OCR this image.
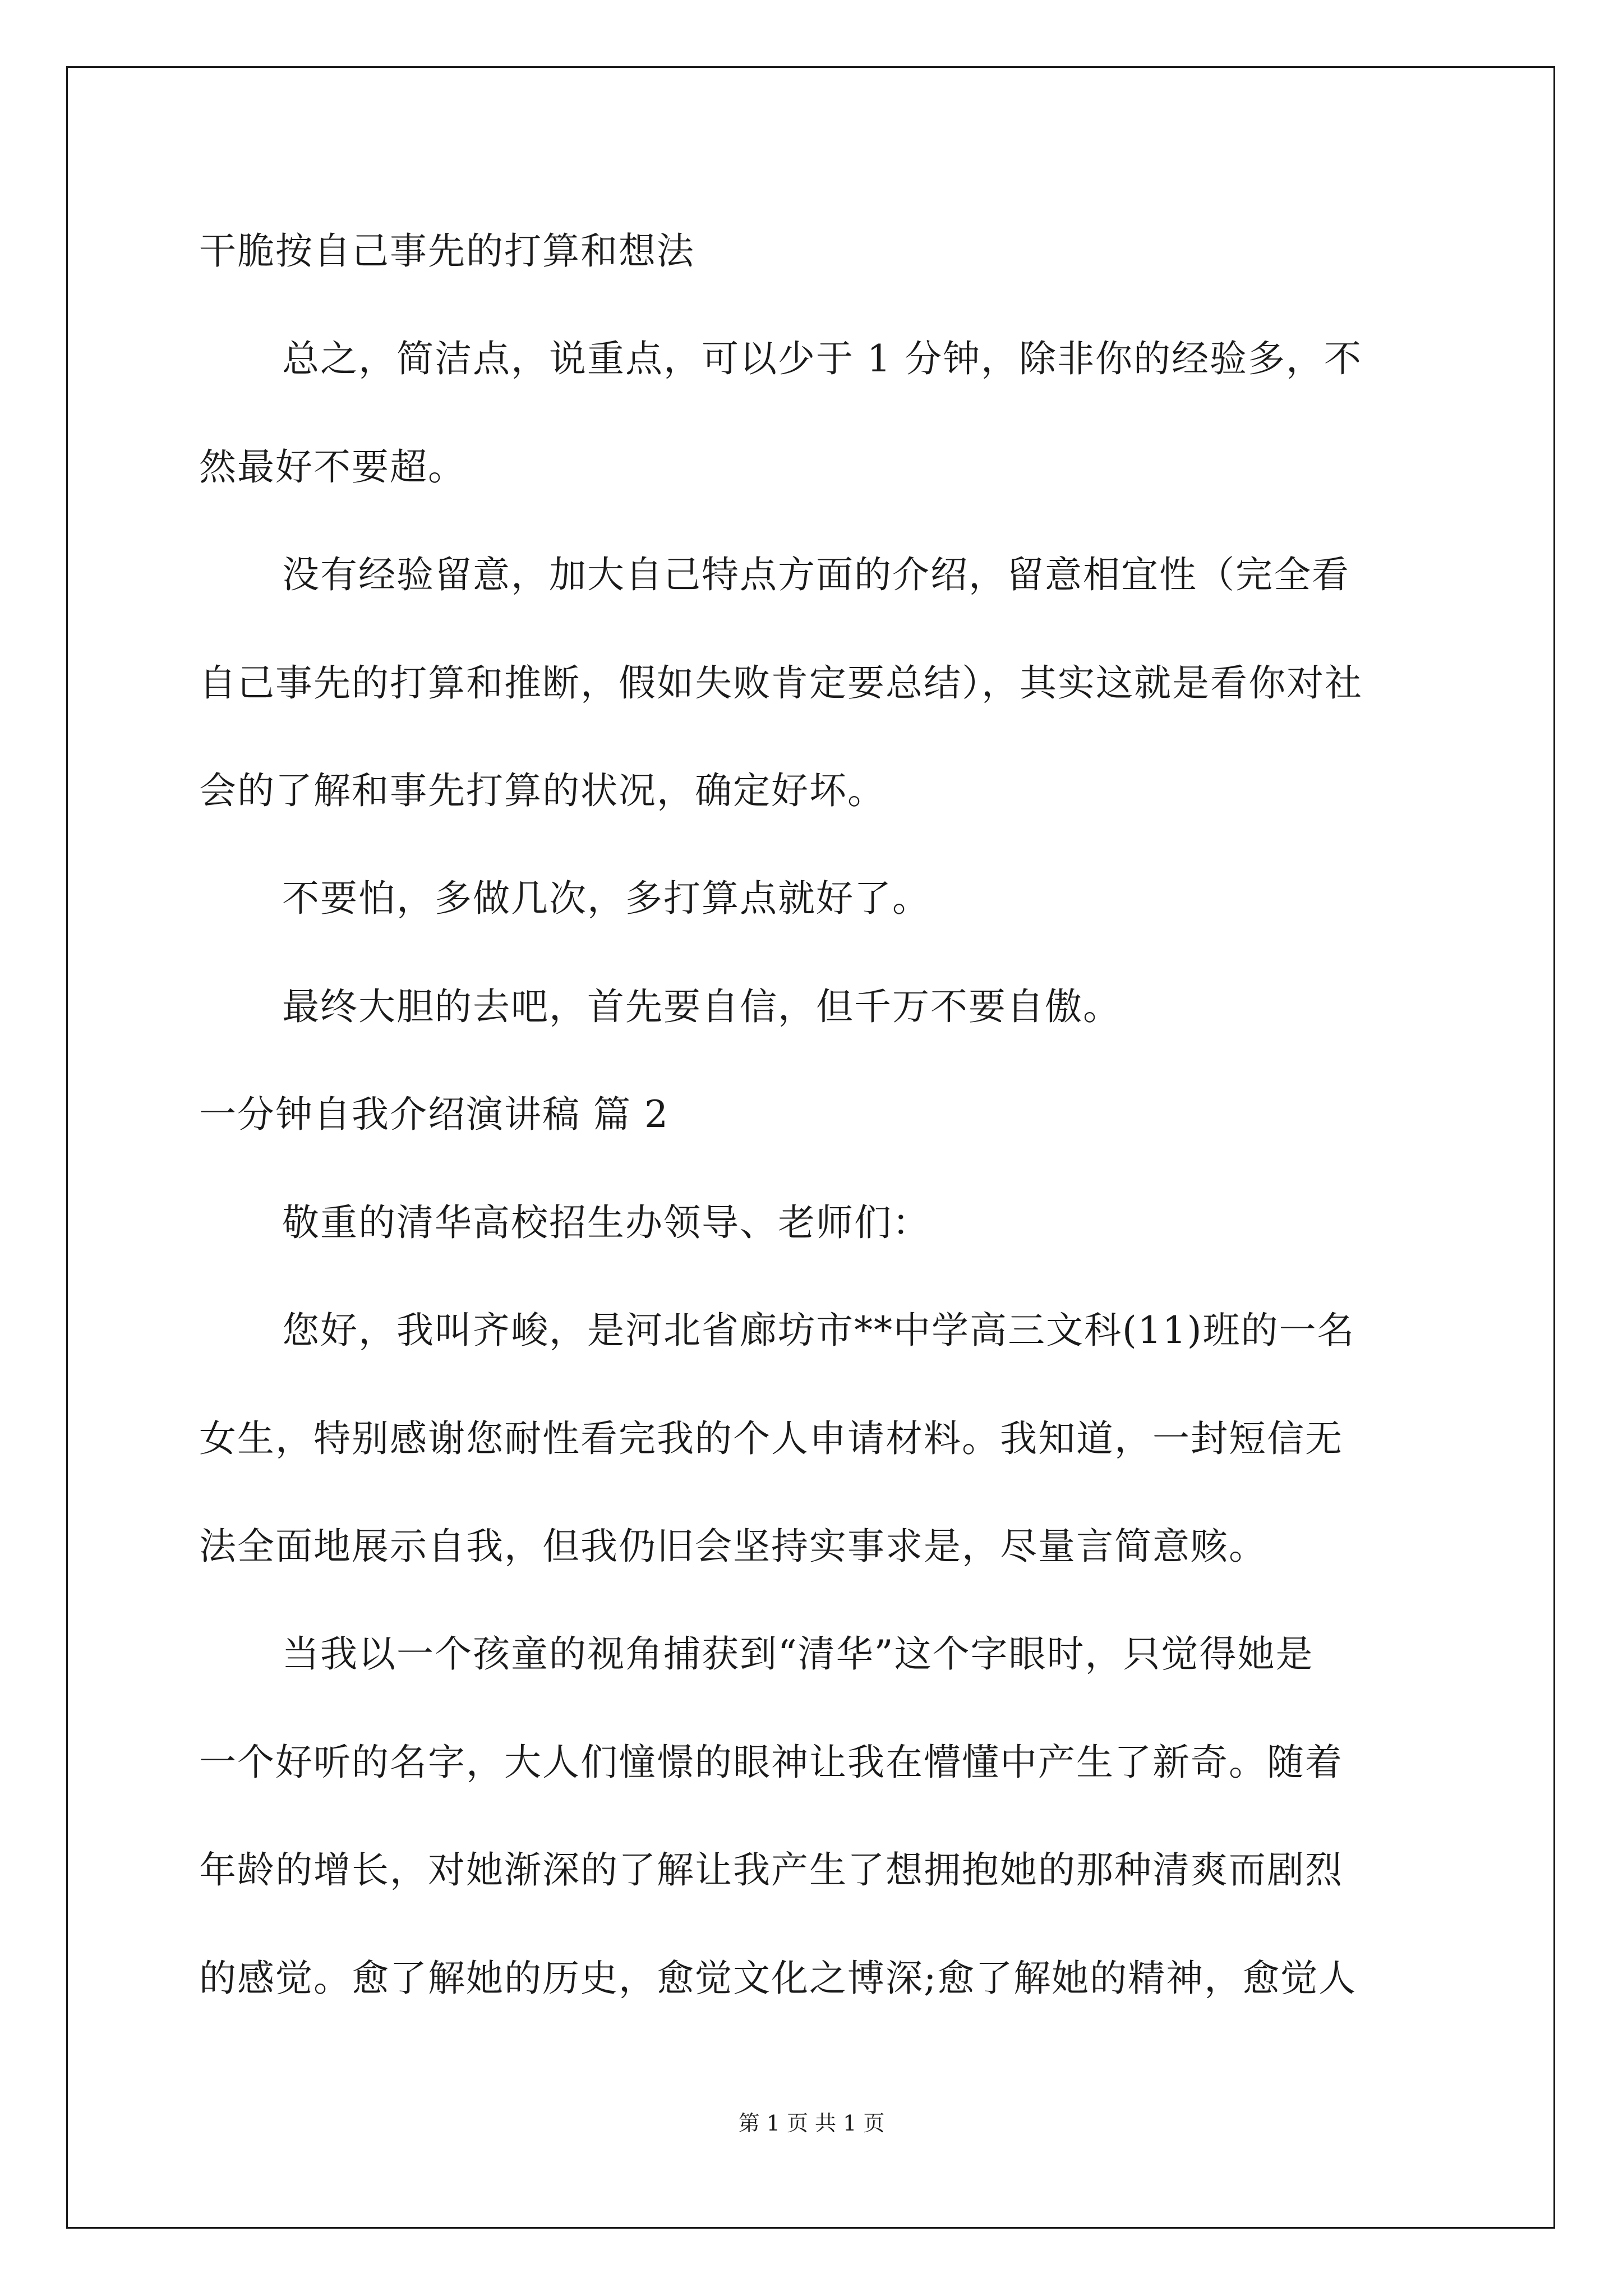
干脆按自己事先的打算和想法
总之，简洁点，说重点，可以少于 1 分钟，除非你的经验多，不
然最好不要超。
没有经验留意，加大自己特点方面的介绍，留意相宜性（完全看
自己事先的打算和推断，假如失败肯定要总结），其实这就是看你对社
会的了解和事先打算的状况，确定好坏。
不要怕，多做几次，多打算点就好了。
最终大胆的去吧，首先要自信，但千万不要自傲。
一分钟自我介绍演讲稿 篇 2
敬重的清华高校招生办领导、老师们：
您好，我叫齐峻，是河北省廊坊市**中学高三文科(11)班的一名
女生，特别感谢您耐性看完我的个人申请材料。我知道，一封短信无
法全面地展示自我，但我仍旧会坚持实事求是，尽量言简意赅。
当我以一个孩童的视角捕获到“清华”这个字眼时，只觉得她是
一个好听的名字，大人们憧憬的眼神让我在懵懂中产生了新奇。随着
年龄的增长，对她渐深的了解让我产生了想拥抱她的那种清爽而剧烈
的感觉。愈了解她的历史，愈觉文化之博深;愈了解她的精神，愈觉人
第 1 页 共 1 页
